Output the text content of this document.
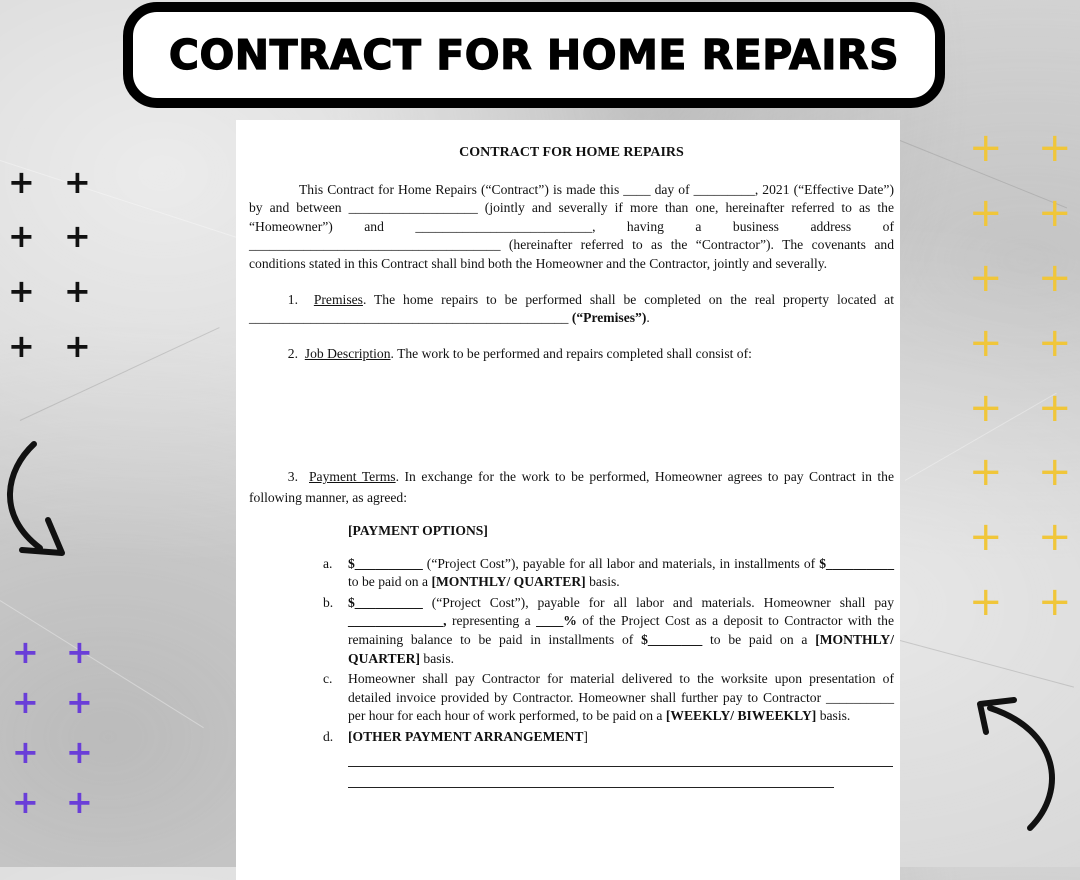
CONTRACT FOR HOME REPAIRS

CONTRACT FOR HOME REPAIRS

This Contract for Home Repairs (“Contract”) is made this ____ day of _________, 2021 (“Effective Date”) by and between ___________________ (jointly and severally if more than one, hereinafter referred to as the “Homeowner”) and __________________________, having a business address of _____________________________________ (hereinafter referred to as the “Contractor”). The covenants and conditions stated in this Contract shall bind both the Homeowner and the Contractor, jointly and severally.

1. Premises. The home repairs to be performed shall be completed on the real property located at _______________________________________________ (“Premises”).

2. Job Description. The work to be performed and repairs completed shall consist of:

3. Payment Terms. In exchange for the work to be performed, Homeowner agrees to pay Contract in the following manner, as agreed:

[PAYMENT OPTIONS]

a. $__________ (“Project Cost”), payable for all labor and materials, in installments of $__________ to be paid on a [MONTHLY/ QUARTER] basis.
b. $__________ (“Project Cost”), payable for all labor and materials. Homeowner shall pay ______________, representing a ____% of the Project Cost as a deposit to Contractor with the remaining balance to be paid in installments of $________ to be paid on a [MONTHLY/ QUARTER] basis.
c. Homeowner shall pay Contractor for material delivered to the worksite upon presentation of detailed invoice provided by Contractor. Homeowner shall further pay to Contractor __________ per hour for each hour of work performed, to be paid on a [WEEKLY/ BIWEEKLY] basis.
d. [OTHER PAYMENT ARRANGEMENT]
+ +
+ +
+ +
+ +
+ +
+ +
+ +
+ +
+ +
+ +
+ +
+ +
+ +
+ +
+ +
+ +
